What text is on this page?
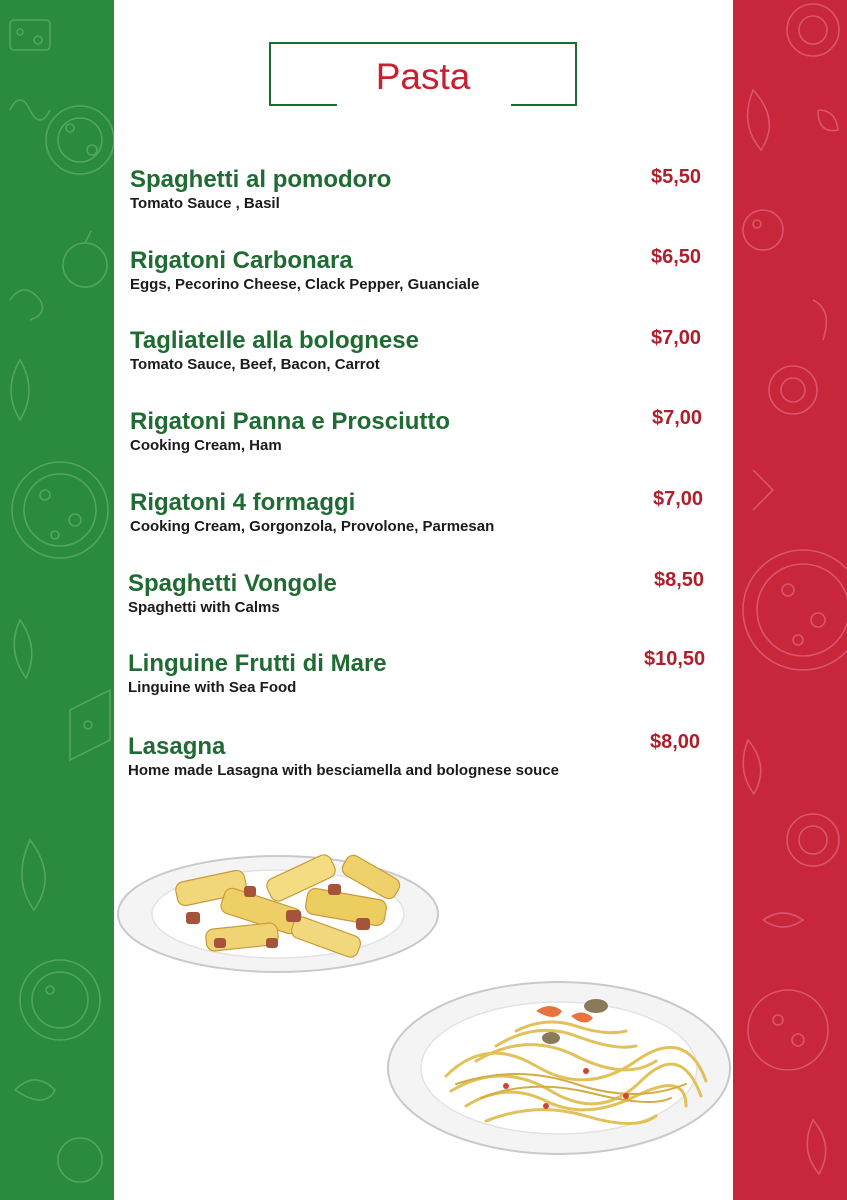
Pasta
Spaghetti al pomodoro
Tomato Sauce , Basil
$5,50
Rigatoni Carbonara
Eggs, Pecorino Cheese, Clack Pepper, Guanciale
$6,50
Tagliatelle alla bolognese
Tomato Sauce, Beef, Bacon, Carrot
$7,00
Rigatoni Panna e Prosciutto
Cooking Cream, Ham
$7,00
Rigatoni 4 formaggi
Cooking Cream, Gorgonzola, Provolone, Parmesan
$7,00
Spaghetti Vongole
Spaghetti with Calms
$8,50
Linguine Frutti di Mare
Linguine with Sea Food
$10,50
Lasagna
Home made Lasagna with besciamella and bolognese souce
$8,00
